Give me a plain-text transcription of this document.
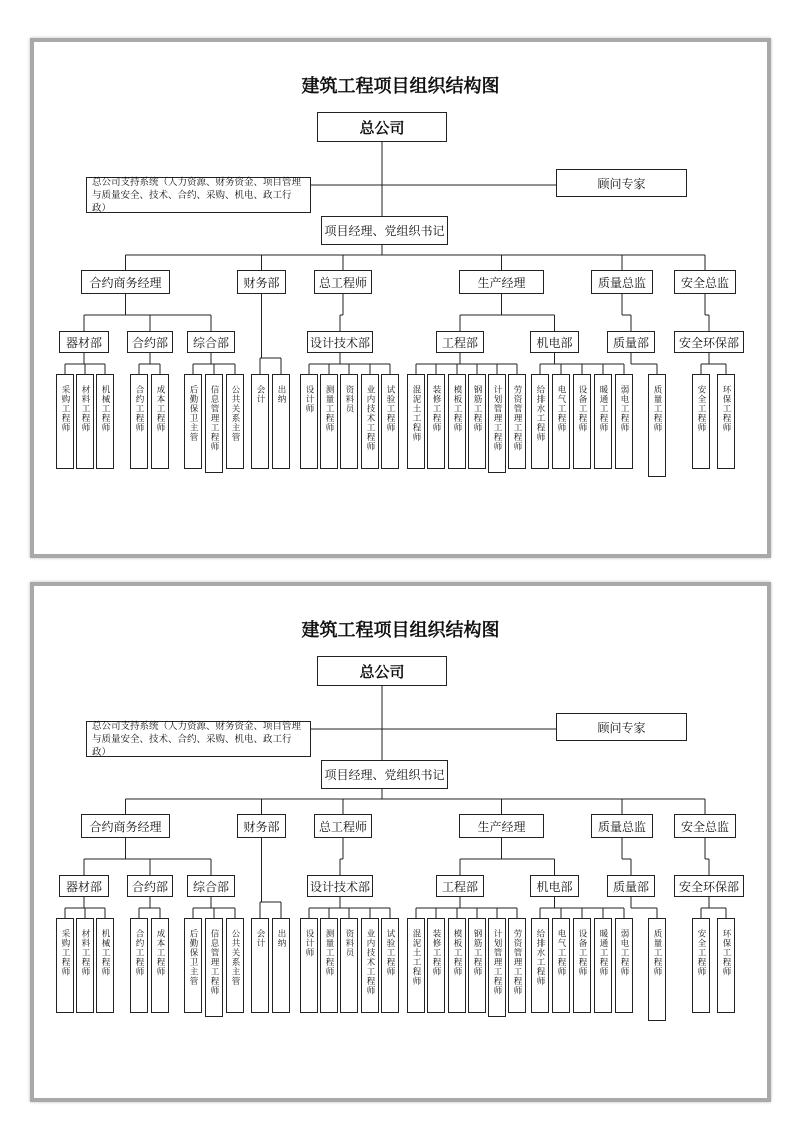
建筑工程项目组织结构图
总公司
总公司支持系统（人力资源、财务资金、项目管理与质量安全、技术、合约、采购、机电、政工行政）
顾问专家
项目经理、党组织书记
合约商务经理	财务部	总工程师	生产经理	质量总监	安全总监
器材部	合约部	综合部	设计技术部	工程部	机电部	质量部	安全环保部
采购工程师 材料工程师 机械工程师	合约工程师 成本工程师	后勤保卫主管 信息管理工程师 公共关系主管 会计 出纳 设计师 测量工程师 资料员 业内技术工程师 试验工程师 混泥土工程师 装修工程师 模板工程师 钢筋工程师 计划管理工程师 劳资管理工程师 给排水工程师 电气工程师 设备工程师 暖通工程师 弱电工程师	质量工程师	安全工程师 环保工程师
建筑工程项目组织结构图
总公司
总公司支持系统（人力资源、财务资金、项目管理与质量安全、技术、合约、采购、机电、政工行政）
顾问专家
项目经理、党组织书记
合约商务经理	财务部	总工程师	生产经理	质量总监	安全总监
器材部	合约部	综合部	设计技术部	工程部	机电部	质量部	安全环保部
采购工程师 材料工程师 机械工程师	合约工程师 成本工程师	后勤保卫主管 信息管理工程师 公共关系主管 会计 出纳 设计师 测量工程师 资料员 业内技术工程师 试验工程师 混泥土工程师 装修工程师 模板工程师 钢筋工程师 计划管理工程师 劳资管理工程师 给排水工程师 电气工程师 设备工程师 暖通工程师 弱电工程师	质量工程师	安全工程师 环保工程师
